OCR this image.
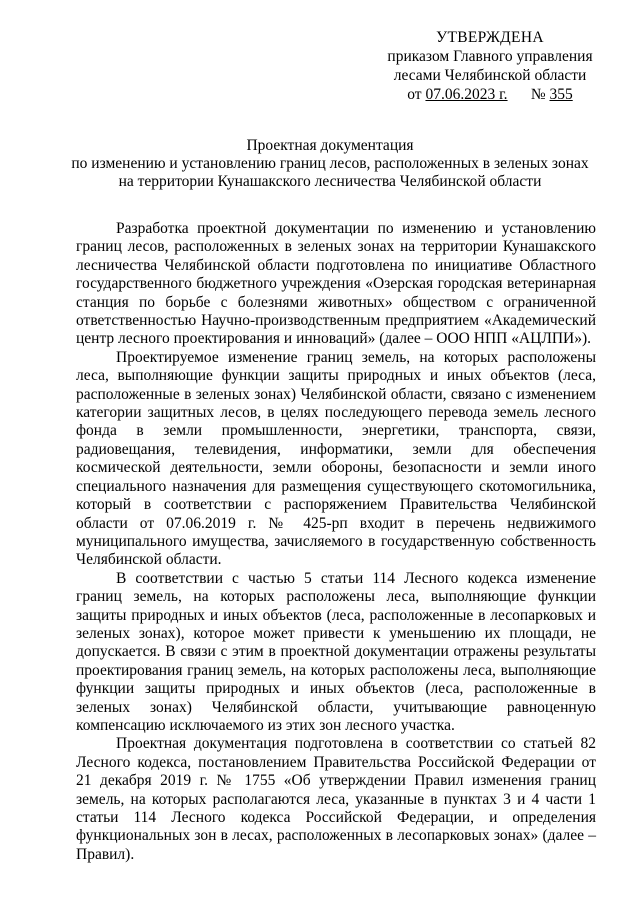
УТВЕРЖДЕНА
приказом Главного управления
лесами Челябинской области
от 07.06.2023 г. № 355
Проектная документация
по изменению и установлению границ лесов, расположенных в зеленых зонах
на территории Кунашакского лесничества Челябинской области

Разработка проектной документации по изменению и установлению границ лесов, расположенных в зеленых зонах на территории Кунашакского лесничества Челябинской области подготовлена по инициативе Областного государственного бюджетного учреждения «Озерская городская ветеринарная станция по борьбе с болезнями животных» обществом с ограниченной ответственностью Научно-производственным предприятием «Академический центр лесного проектирования и инноваций» (далее – ООО НПП «АЦЛПИ»).

Проектируемое изменение границ земель, на которых расположены леса, выполняющие функции защиты природных и иных объектов (леса, расположенные в зеленых зонах) Челябинской области, связано с изменением категории защитных лесов, в целях последующего перевода земель лесного фонда в земли промышленности, энергетики, транспорта, связи, радиовещания, телевидения, информатики, земли для обеспечения космической деятельности, земли обороны, безопасности и земли иного специального назначения для размещения существующего скотомогильника, который в соответствии с распоряжением Правительства Челябинской области от 07.06.2019 г. № 425-рп входит в перечень недвижимого муниципального имущества, зачисляемого в государственную собственность Челябинской области.

В соответствии с частью 5 статьи 114 Лесного кодекса изменение границ земель, на которых расположены леса, выполняющие функции защиты природных и иных объектов (леса, расположенные в лесопарковых и зеленых зонах), которое может привести к уменьшению их площади, не допускается. В связи с этим в проектной документации отражены результаты проектирования границ земель, на которых расположены леса, выполняющие функции защиты природных и иных объектов (леса, расположенные в зеленых зонах) Челябинской области, учитывающие равноценную компенсацию исключаемого из этих зон лесного участка.

Проектная документация подготовлена в соответствии со статьей 82 Лесного кодекса, постановлением Правительства Российской Федерации от 21 декабря 2019 г. № 1755 «Об утверждении Правил изменения границ земель, на которых располагаются леса, указанные в пунктах 3 и 4 части 1 статьи 114 Лесного кодекса Российской Федерации, и определения функциональных зон в лесах, расположенных в лесопарковых зонах» (далее – Правил).
